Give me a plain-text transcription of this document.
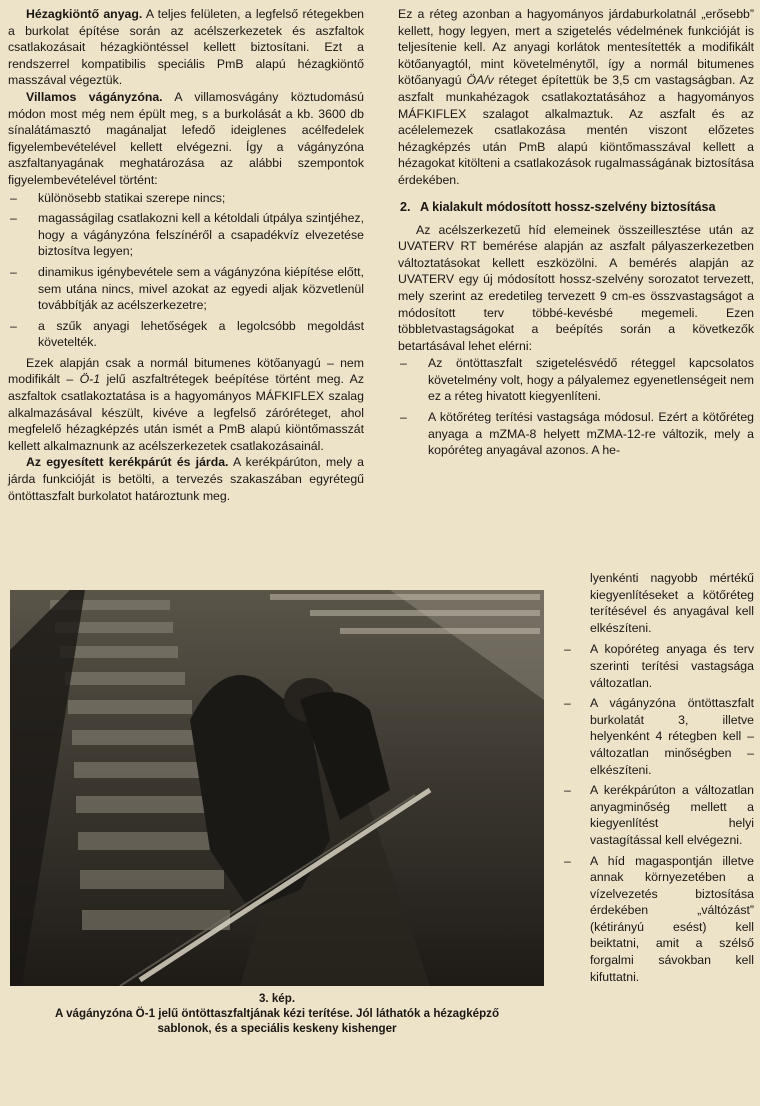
Hézagkiöntő anyag. A teljes felületen, a legfelső rétegekben a burkolat építése során az acélszerkezetek és aszfaltok csatlakozásait hézagkiöntéssel kellett biztosítani. Ezt a rendszerrel kompatibilis speciális PmB alapú hézagkiöntő masszával végeztük.

Villamos vágányzóna. A villamosvágány köztudomású módon most még nem épült meg, s a burkolását a kb. 3600 db sínalátámasztó magánaljat lefedő ideiglenes acélfedelek figyelembevételével kellett elvégezni. Így a vágányzóna aszfaltanyagának meghatározása az alábbi szempontok figyelembevételével történt:

– különösebb statikai szerepe nincs;
– magasságilag csatlakozni kell a kétoldali útpálya szintjéhez, hogy a vágányzóna felszínéről a csapadékvíz elvezetése biztosítva legyen;
– dinamikus igénybevétele sem a vágányzóna kiépítése előtt, sem utána nincs, mivel azokat az egyedi aljak közvetlenül továbbítják az acélszerkezetre;
– a szűk anyagi lehetőségek a legolcsóbb megoldást követelték.

Ezek alapján csak a normál bitumenes kötőanyagú – nem modifikált – Ö-1 jelű aszfaltrétegek beépítése történt meg. Az aszfaltok csatlakoztatása is a hagyományos MÁFKIFLEX szalag alkalmazásával készült, kivéve a legfelső záróréteget, ahol megfelelő hézagképzés után ismét a PmB alapú kiöntőmasszát kellett alkalmaznunk az acélszerkezetek csatlakozásainál.

Az egyesített kerékpárút és járda. A kerékpárúton, mely a járda funkcióját is betölti, a tervezés szakaszában egyrétegű öntöttaszfalt burkolatot határoztunk meg.

Ez a réteg azonban a hagyományos járdaburkolatnál „erősebb” kellett, hogy legyen, mert a szigetelés védelmének funkcióját is teljesítenie kell. Az anyagi korlátok mentesítették a modifikált kötőanyagtól, mint követelménytől, így a normál bitumenes kötőanyagú ÖA/v réteget építettük be 3,5 cm vastagságban. Az aszfalt munkahézagok csatlakoztatásához a hagyományos MÁFKIFLEX szalagot alkalmaztuk. Az aszfalt és az acélelemezek csatlakozása mentén viszont előzetes hézagképzés után PmB alapú kiöntőmasszával kellett a hézagokat kitölteni a csatlakozások rugalmasságának biztosítása érdekében.

2. A kialakult módosított hossz-szelvény biztosítása

Az acélszerkezetű híd elemeinek összeillesztése után az UVATERV RT bemérése alapján az aszfalt pályaszerkezetben változtatásokat kellett eszközölni. A bemérés alapján az UVATERV egy új módosított hossz-szelvény sorozatot tervezett, mely szerint az eredetileg tervezett 9 cm-es összvastagságot a módosított terv többé-kevésbé megemeli. Ezen többletvastagságokat a beépítés során a következők betartásával lehet elérni:

– Az öntöttaszfalt szigetelésvédő réteggel kapcsolatos követelmény volt, hogy a pályalemez egyenetlenségeit nem ez a réteg hivatott kiegyenlíteni.
– A kötőréteg terítési vastagsága módosul. Ezért a kötőréteg anyaga a mZMA-8 helyett mZMA-12-re változik, mely a kopóréteg anyagával azonos. A he-
3. kép.
A vágányzóna Ö-1 jelű öntöttaszfaltjának kézi terítése. Jól láthatók a hézagképző
sablonok, és a speciális keskeny kishenger

lyenkénti nagyobb mértékű kiegyenlítéseket a kötőréteg terítésével és anyagával kell elkészíteni.

– A kopóréteg anyaga és terv szerinti terítési vastagsága változatlan.
– A vágányzóna öntöttaszfalt burkolatát 3, illetve helyenként 4 rétegben kell – változatlan minőségben – elkészíteni.
– A kerékpárúton a változatlan anyagminőség mellett a kiegyenlítést helyi vastagítással kell elvégezni.
– A híd magaspontján illetve annak környezetében a vízelvezetés biztosítása érdekében „váltózást” (kétirányú esést) kell beiktatni, amit a szélső forgalmi sávokban kell kifuttatni.
